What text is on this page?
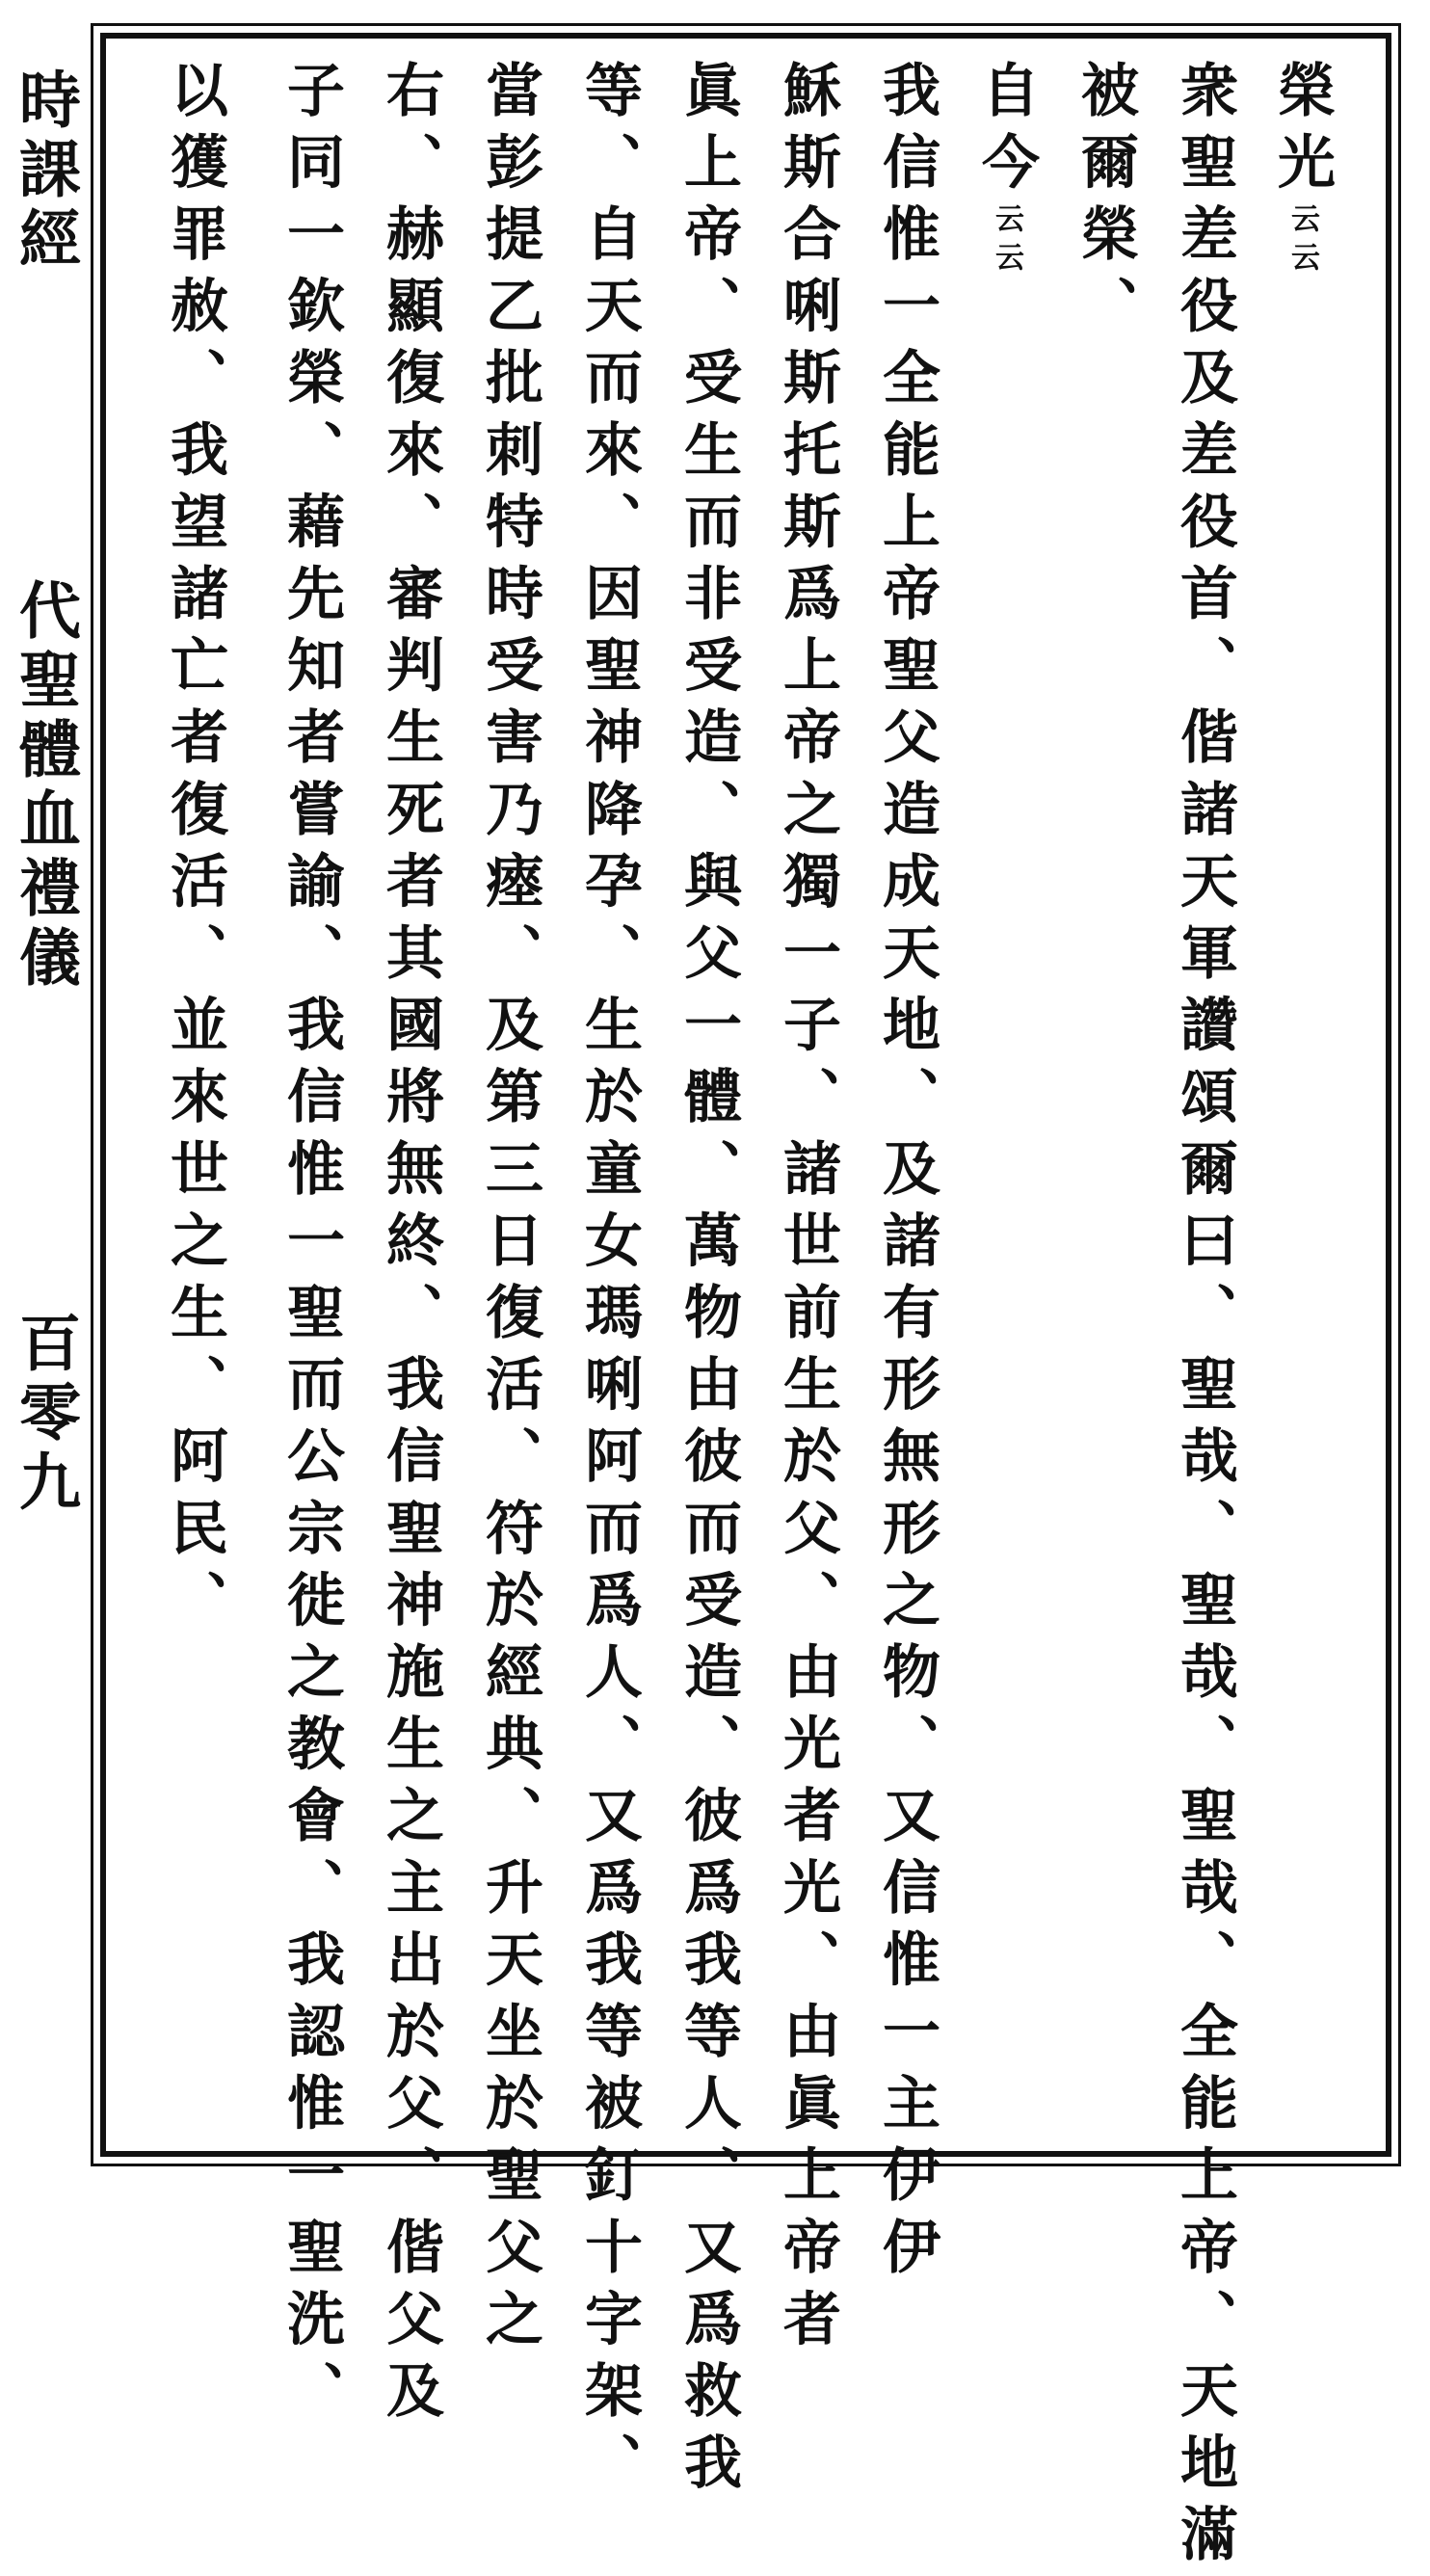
時課經
代聖體血禮儀
百零九
榮光云云
衆聖差役及差役首、偕諸天軍讚頌爾曰、聖哉、聖哉、聖哉、全能上帝、天地滿
被爾榮、
自今云云
我信惟一全能上帝聖父造成天地、及諸有形無形之物、又信惟一主伊伊
穌斯合唎斯托斯爲上帝之獨一子、諸世前生於父、由光者光、由眞上帝者
眞上帝、受生而非受造、與父一體、萬物由彼而受造、彼爲我等人、又爲救我
等、自天而來、因聖神降孕、生於童女瑪唎阿而爲人、又爲我等被釘十字架、
當彭提乙批刺特時受害乃瘞、及第三日復活、符於經典、升天坐於聖父之
右、赫顯復來、審判生死者其國將無終、我信聖神施生之主出於父、偕父及
子同一欽榮、藉先知者嘗諭、我信惟一聖而公宗徙之教會、我認惟一聖洗、
以獲罪赦、我望諸亡者復活、並來世之生、阿民、
